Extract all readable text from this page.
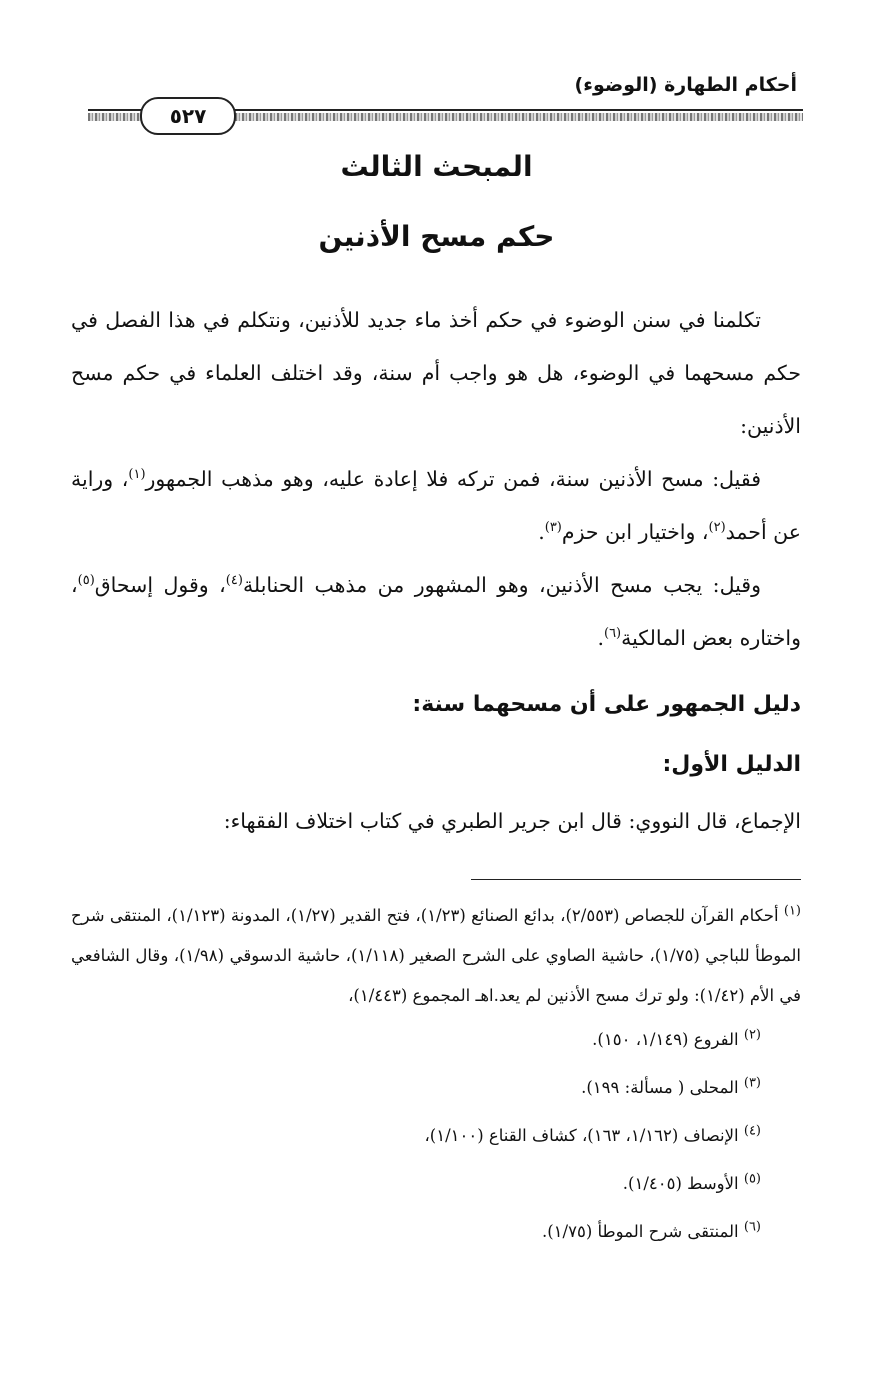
أحكام الطهارة (الوضوء)
٥٢٧
المبحث الثالث
حكم مسح الأذنين

تكلمنا في سنن الوضوء في حكم أخذ ماء جديد للأذنين، ونتكلم في هذا الفصل في حكم مسحهما في الوضوء، هل هو واجب أم سنة، وقد اختلف العلماء في حكم مسح الأذنين:

فقيل: مسح الأذنين سنة، فمن تركه فلا إعادة عليه، وهو مذهب الجمهور$^{(١)}$، وراية عن أحمد$^{(٢)}$، واختيار ابن حزم$^{(٣)}$.

وقيل: يجب مسح الأذنين، وهو المشهور من مذهب الحنابلة$^{(٤)}$، وقول إسحاق$^{(٥)}$، واختاره بعض المالكية$^{(٦)}$.

دليل الجمهور على أن مسحهما سنة:
الدليل الأول:

الإجماع، قال النووي: قال ابن جرير الطبري في كتاب اختلاف الفقهاء:

$^{(١)}$ أحكام القرآن للجصاص (٢/٥٥٣)، بدائع الصنائع (١/٢٣)، فتح القدير (١/٢٧)، المدونة (١/١٢٣)، المنتقى شرح الموطأ للباجي (١/٧٥)، حاشية الصاوي على الشرح الصغير (١/١١٨)، حاشية الدسوقي (١/٩٨)، وقال الشافعي في الأم (١/٤٢): ولو ترك مسح الأذنين لم يعد.اهـ المجموع (١/٤٤٣)،

$^{(٢)}$ الفروع (١/١٤٩، ١٥٠).

$^{(٣)}$ المحلى ( مسألة: ١٩٩).

$^{(٤)}$ الإنصاف (١/١٦٢، ١٦٣)، كشاف القناع (١/١٠٠)،

$^{(٥)}$ الأوسط (١/٤٠٥).

$^{(٦)}$ المنتقى شرح الموطأ (١/٧٥).
